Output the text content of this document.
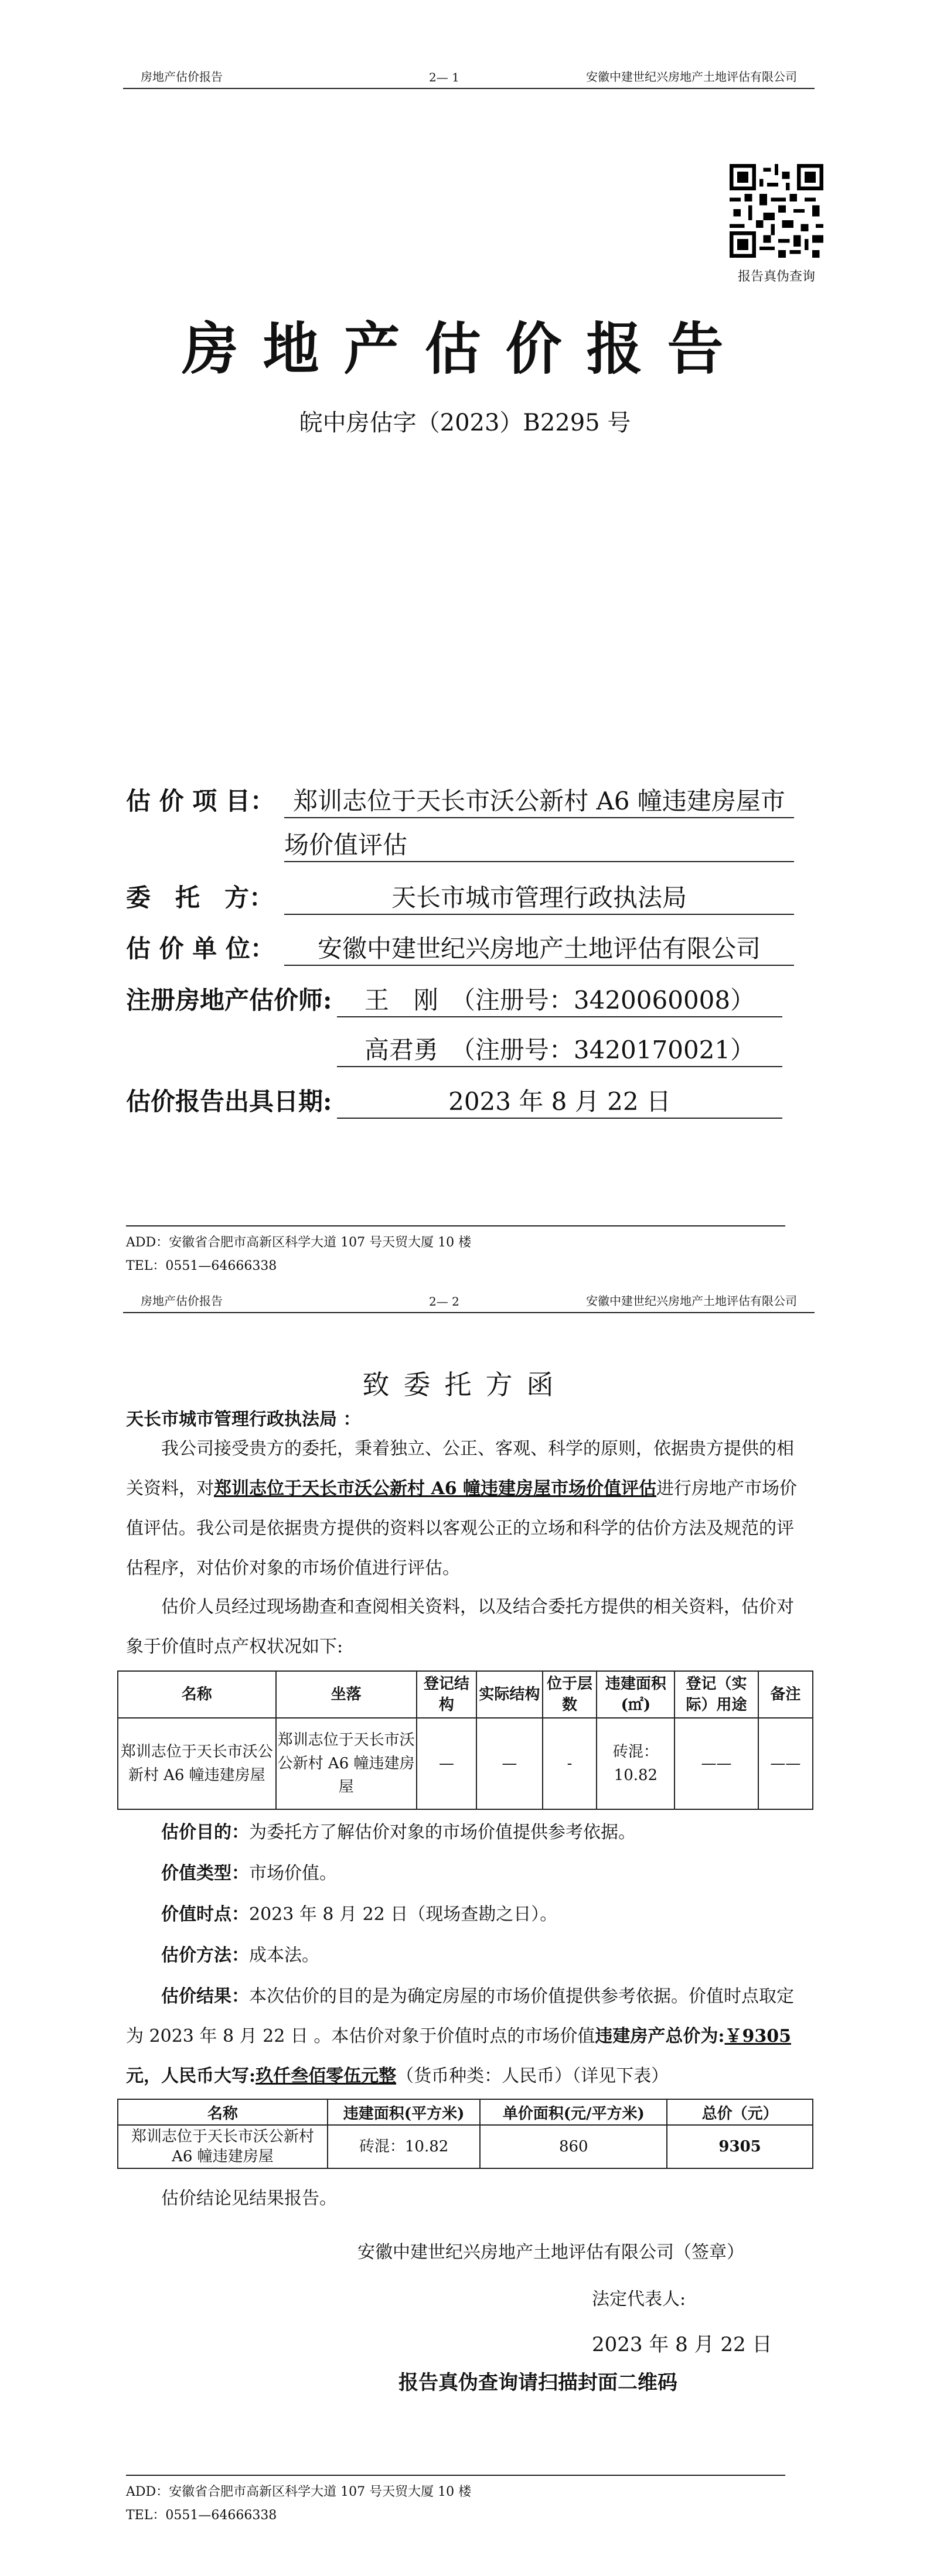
房地产估价报告	2— 1	安徽中建世纪兴房地产土地评估有限公司
报告真伪查询
房地产估价报告
皖中房估字（2023）B2295 号
估 价 项 目： 郑训志位于天长市沃公新村 A6 幢违建房屋市
场价值评估
委　托　方：	天长市城市管理行政执法局
估 价 单 位：	安徽中建世纪兴房地产土地评估有限公司
注册房地产估价师:	王　刚　（注册号：3420060008）
高君勇　（注册号：3420170021）
估价报告出具日期:	2023 年 8 月 22 日
ADD：安徽省合肥市高新区科学大道 107 号天贸大厦 10 楼
TEL：0551—64666338
房地产估价报告	2— 2	安徽中建世纪兴房地产土地评估有限公司
致委托方函
天长市城市管理行政执法局 ：
我公司接受贵方的委托，秉着独立、公正、客观、科学的原则，依据贵方提供的相关资料，对郑训志位于天长市沃公新村 A6 幢违建房屋市场价值评估进行房地产市场价值评估。我公司是依据贵方提供的资料以客观公正的立场和科学的估价方法及规范的评估程序，对估价对象的市场价值进行评估。
估价人员经过现场勘查和查阅相关资料，以及结合委托方提供的相关资料，估价对象于价值时点产权状况如下:
名称	坐落	登记结构	实际结构	位于层数	违建面积(㎡)	登记（实际）用途	备注
郑训志位于天长市沃公新村 A6 幢违建房屋	郑训志位于天长市沃公新村 A6 幢违建房屋	—	—	-	砖混：10.82	——	——
估价目的：为委托方了解估价对象的市场价值提供参考依据。
价值类型：市场价值。
价值时点：2023 年 8 月 22 日（现场查勘之日）。
估价方法：成本法。
估价结果：本次估价的目的是为确定房屋的市场价值提供参考依据。价值时点取定为 2023 年 8 月 22 日 。本估价对象于价值时点的市场价值违建房产总价为:￥9305元，人民币大写:玖仟叁佰零伍元整（货币种类：人民币）（详见下表）
名称	违建面积(平方米)	单价面积(元/平方米)	总价（元）
郑训志位于天长市沃公新村 A6 幢违建房屋	砖混：10.82	860	9305
估价结论见结果报告。
安徽中建世纪兴房地产土地评估有限公司（签章）
法定代表人:
2023 年 8 月 22 日
报告真伪查询请扫描封面二维码
ADD：安徽省合肥市高新区科学大道 107 号天贸大厦 10 楼
TEL：0551—64666338
